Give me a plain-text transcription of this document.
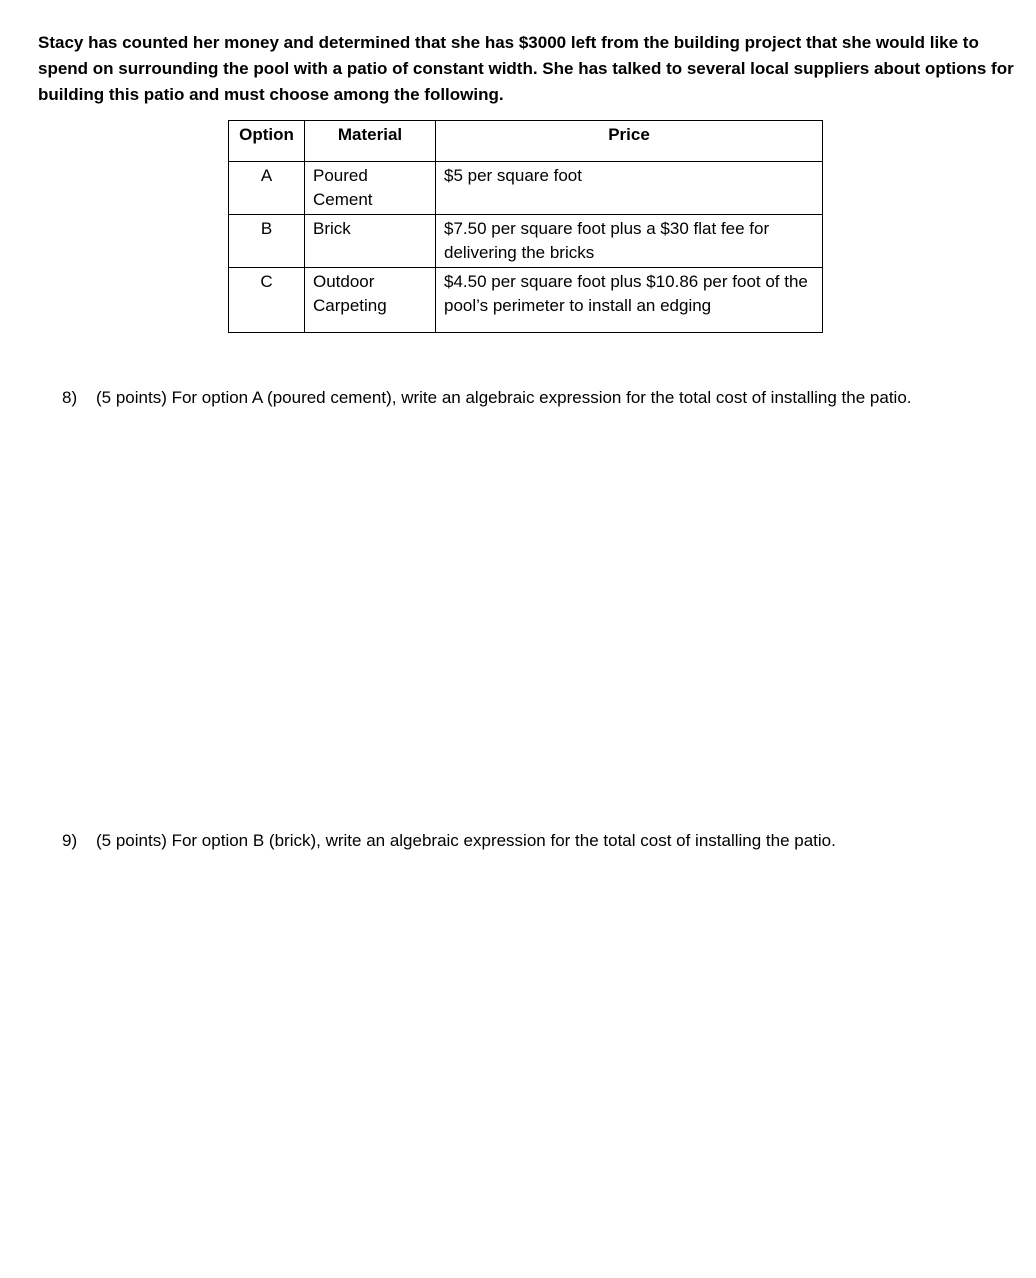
Stacy has counted her money and determined that she has $3000 left from the building project that she would like to spend on surrounding the pool with a patio of constant width. She has talked to several local suppliers about options for building this patio and must choose among the following.

Option	Material	Price
A	Poured Cement	$5 per square foot
B	Brick	$7.50 per square foot plus a $30 flat fee for delivering the bricks
C	Outdoor Carpeting	$4.50 per square foot plus $10.86 per foot of the pool’s perimeter to install an edging

8) (5 points) For option A (poured cement), write an algebraic expression for the total cost of installing the patio.

9) (5 points) For option B (brick), write an algebraic expression for the total cost of installing the patio.
